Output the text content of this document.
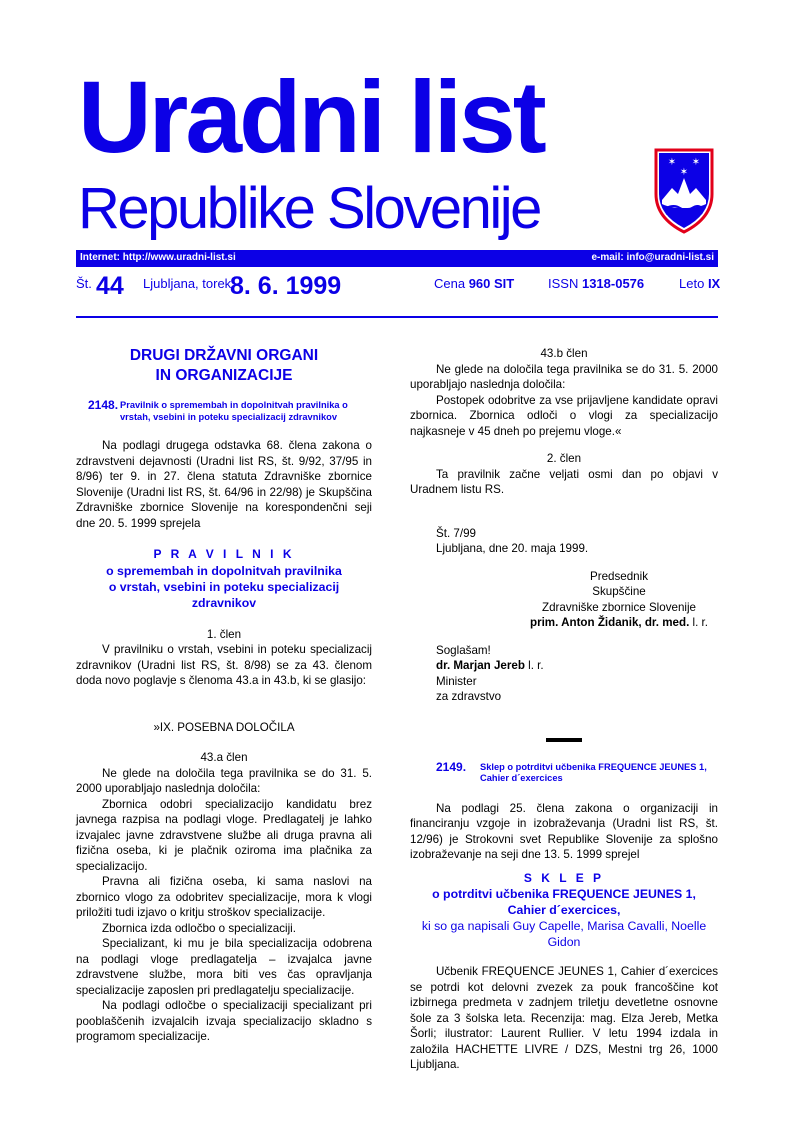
Uradni list
Republike Slovenije
✶ ✶
✶
Internet: http://www.uradni-list.si	e-mail: info@uradni-list.si
Št. 44 Ljubljana, torek
8. 6. 1999	Cena 960 SIT	ISSN 1318-0576	Leto IX
DRUGI DRŽAVNI ORGANI
IN ORGANIZACIJE
2148. Pravilnik o spremembah in dopolnitvah pravilnika o vrstah, vsebini in poteku specializacij zdravnikov
Na podlagi drugega odstavka 68. člena zakona o zdravstveni dejavnosti (Uradni list RS, št. 9/92, 37/95 in 8/96) ter 9. in 27. člena statuta Zdravniške zbornice Slovenije (Uradni list RS, št. 64/96 in 22/98) je Skupščina Zdravniške zbornice Slovenije na korespondenčni seji dne 20. 5. 1999 sprejela
P R A V I L N I K
o spremembah in dopolnitvah pravilnika
o vrstah, vsebini in poteku specializacij
zdravnikov
1. člen
V pravilniku o vrstah, vsebini in poteku specializacij zdravnikov (Uradni list RS, št. 8/98) se za 43. členom doda novo poglavje s členoma 43.a in 43.b, ki se glasijo:
»IX. POSEBNA DOLOČILA
43.a člen
Ne glede na določila tega pravilnika se do 31. 5. 2000 uporabljajo naslednja določila:
Zbornica odobri specializacijo kandidatu brez javnega razpisa na podlagi vloge. Predlagatelj je lahko izvajalec javne zdravstvene službe ali druga pravna ali fizična oseba, ki je plačnik oziroma ima plačnika za specializacijo.
Pravna ali fizična oseba, ki sama naslovi na zbornico vlogo za odobritev specializacije, mora k vlogi priložiti tudi izjavo o kritju stroškov specializacije.
Zbornica izda odločbo o specializaciji.
Specializant, ki mu je bila specializacija odobrena na podlagi vloge predlagatelja – izvajalca javne zdravstvene službe, mora biti ves čas opravljanja specializacije zaposlen pri predlagatelju specializacije.
Na podlagi odločbe o specializaciji specializant pri pooblaščenih izvajalcih izvaja specializacijo skladno s programom specializacije.
43.b člen
Ne glede na določila tega pravilnika se do 31. 5. 2000 uporabljajo naslednja določila:
Postopek odobritve za vse prijavljene kandidate opravi zbornica. Zbornica odloči o vlogi za specializacijo najkasneje v 45 dneh po prejemu vloge.«
2. člen
Ta pravilnik začne veljati osmi dan po objavi v Uradnem listu RS.
Št. 7/99
Ljubljana, dne 20. maja 1999.
Predsednik
Skupščine
Zdravniške zbornice Slovenije
prim. Anton Židanik, dr. med. l. r.
Soglašam!
dr. Marjan Jereb l. r.
Minister
za zdravstvo
2149.	Sklep o potrditvi učbenika FREQUENCE JEUNES 1, Cahier d´exercices
Na podlagi 25. člena zakona o organizaciji in financiranju vzgoje in izobraževanja (Uradni list RS, št. 12/96) je Strokovni svet Republike Slovenije za splošno izobraževanje na seji dne 13. 5. 1999 sprejel
S K L E P
o potrditvi učbenika FREQUENCE JEUNES 1,
Cahier d´exercices,
ki so ga napisali Guy Capelle, Marisa Cavalli, Noelle Gidon
Učbenik FREQUENCE JEUNES 1, Cahier d´exercices se potrdi kot delovni zvezek za pouk francoščine kot izbirnega predmeta v zadnjem triletju devetletne osnovne šole za 3 šolska leta. Recenzija: mag. Elza Jereb, Metka Šorli; ilustrator: Laurent Rullier. V letu 1994 izdala in založila HACHETTE LIVRE / DZS, Mestni trg 26, 1000 Ljubljana.
